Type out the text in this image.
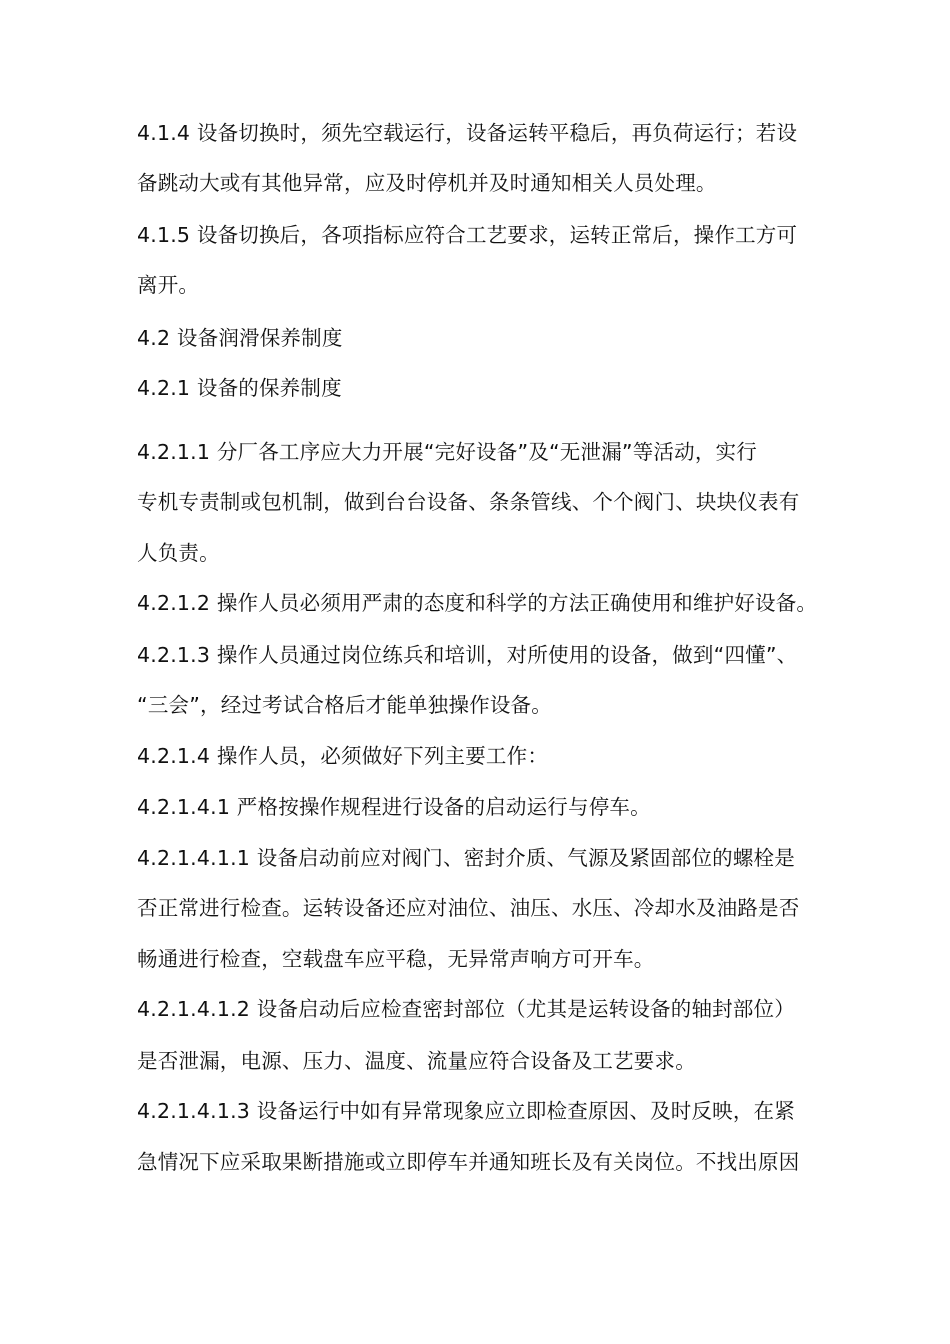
4.1.4 设备切换时，须先空载运行，设备运转平稳后，再负荷运行；若设
备跳动大或有其他异常，应及时停机并及时通知相关人员处理。
4.1.5 设备切换后，各项指标应符合工艺要求，运转正常后，操作工方可
离开。
4.2 设备润滑保养制度
4.2.1 设备的保养制度
4.2.1.1 分厂各工序应大力开展“完好设备”及“无泄漏”等活动，实行
专机专责制或包机制，做到台台设备、条条管线、个个阀门、块块仪表有
人负责。
4.2.1.2 操作人员必须用严肃的态度和科学的方法正确使用和维护好设备。
4.2.1.3 操作人员通过岗位练兵和培训，对所使用的设备，做到“四懂”、
“三会”，经过考试合格后才能单独操作设备。
4.2.1.4 操作人员，必须做好下列主要工作：
4.2.1.4.1 严格按操作规程进行设备的启动运行与停车。
4.2.1.4.1.1 设备启动前应对阀门、密封介质、气源及紧固部位的螺栓是
否正常进行检查。运转设备还应对油位、油压、水压、冷却水及油路是否
畅通进行检查，空载盘车应平稳，无异常声响方可开车。
4.2.1.4.1.2 设备启动后应检查密封部位（尤其是运转设备的轴封部位）
是否泄漏，电源、压力、温度、流量应符合设备及工艺要求。
4.2.1.4.1.3 设备运行中如有异常现象应立即检查原因、及时反映，在紧
急情况下应采取果断措施或立即停车并通知班长及有关岗位。不找出原因
